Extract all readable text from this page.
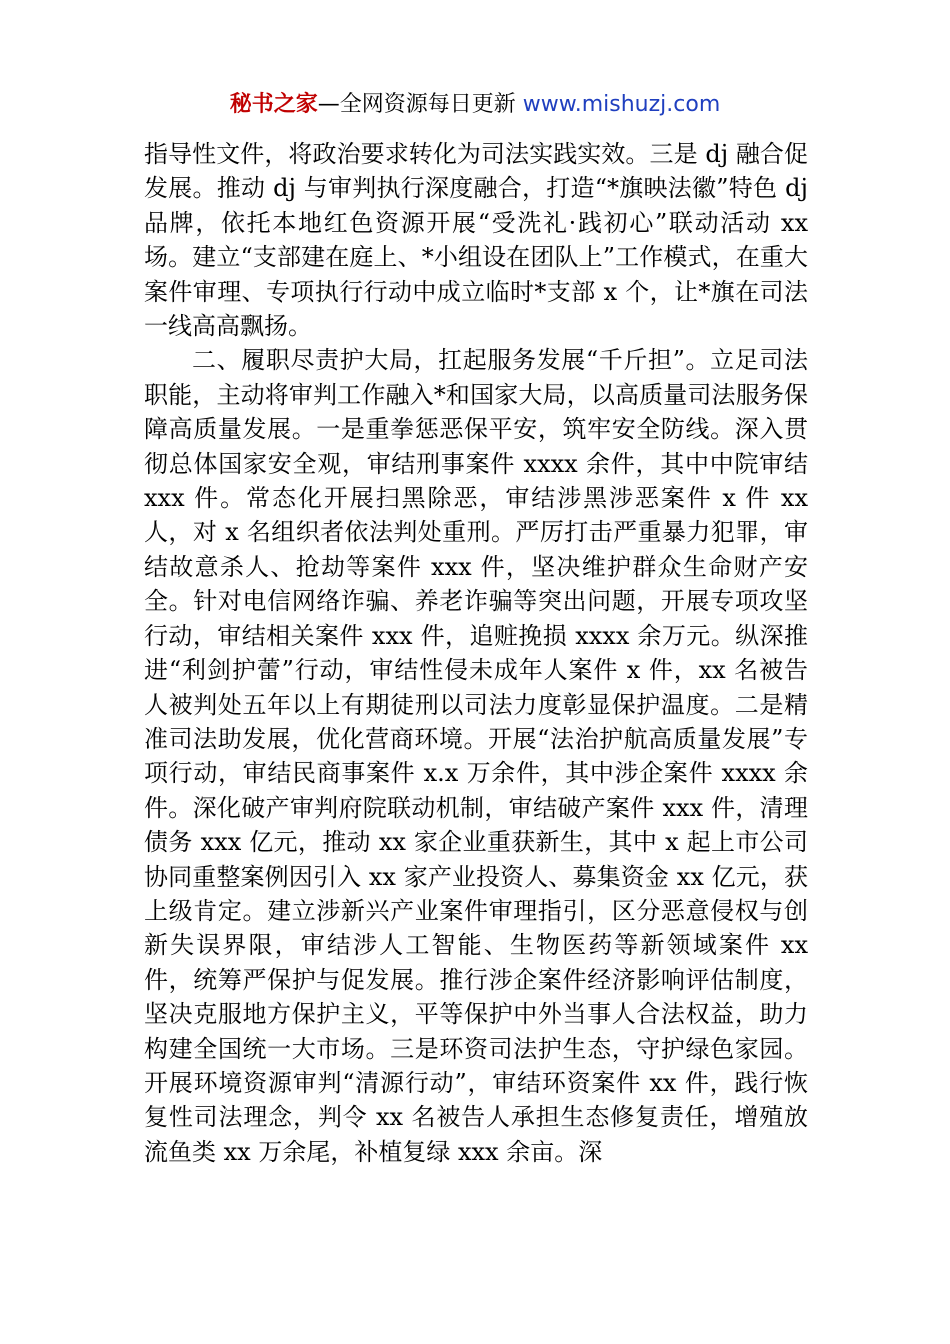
秘书之家—全网资源每日更新 www.mishuzj.com

指导性文件，将政治要求转化为司法实践实效。三是 dj 融合促发展。推动 dj 与审判执行深度融合，打造“*旗映法徽”特色 dj 品牌，依托本地红色资源开展“受洗礼·践初心”联动活动 xx 场。建立“支部建在庭上、*小组设在团队上”工作模式，在重大案件审理、专项执行行动中成立临时*支部 x 个，让*旗在司法一线高高飘扬。

二、履职尽责护大局，扛起服务发展“千斤担”。立足司法职能，主动将审判工作融入*和国家大局，以高质量司法服务保障高质量发展。一是重拳惩恶保平安，筑牢安全防线。深入贯彻总体国家安全观，审结刑事案件 xxxx 余件，其中中院审结 xxx 件。常态化开展扫黑除恶，审结涉黑涉恶案件 x 件 xx 人，对 x 名组织者依法判处重刑。严厉打击严重暴力犯罪，审结故意杀人、抢劫等案件 xxx 件，坚决维护群众生命财产安全。针对电信网络诈骗、养老诈骗等突出问题，开展专项攻坚行动，审结相关案件 xxx 件，追赃挽损 xxxx 余万元。纵深推进“利剑护蕾”行动，审结性侵未成年人案件 x 件，xx 名被告人被判处五年以上有期徒刑以司法力度彰显保护温度。二是精准司法助发展，优化营商环境。开展“法治护航高质量发展”专项行动，审结民商事案件 x.x 万余件，其中涉企案件 xxxx 余件。深化破产审判府院联动机制，审结破产案件 xxx 件，清理债务 xxx 亿元，推动 xx 家企业重获新生，其中 x 起上市公司协同重整案例因引入 xx 家产业投资人、募集资金 xx 亿元，获上级肯定。建立涉新兴产业案件审理指引，区分恶意侵权与创新失误界限，审结涉人工智能、生物医药等新领域案件 xx 件，统筹严保护与促发展。推行涉企案件经济影响评估制度，坚决克服地方保护主义，平等保护中外当事人合法权益，助力构建全国统一大市场。三是环资司法护生态，守护绿色家园。开展环境资源审判“清源行动”，审结环资案件 xx 件，践行恢复性司法理念，判令 xx 名被告人承担生态修复责任，增殖放流鱼类 xx 万余尾，补植复绿 xxx 余亩。深
